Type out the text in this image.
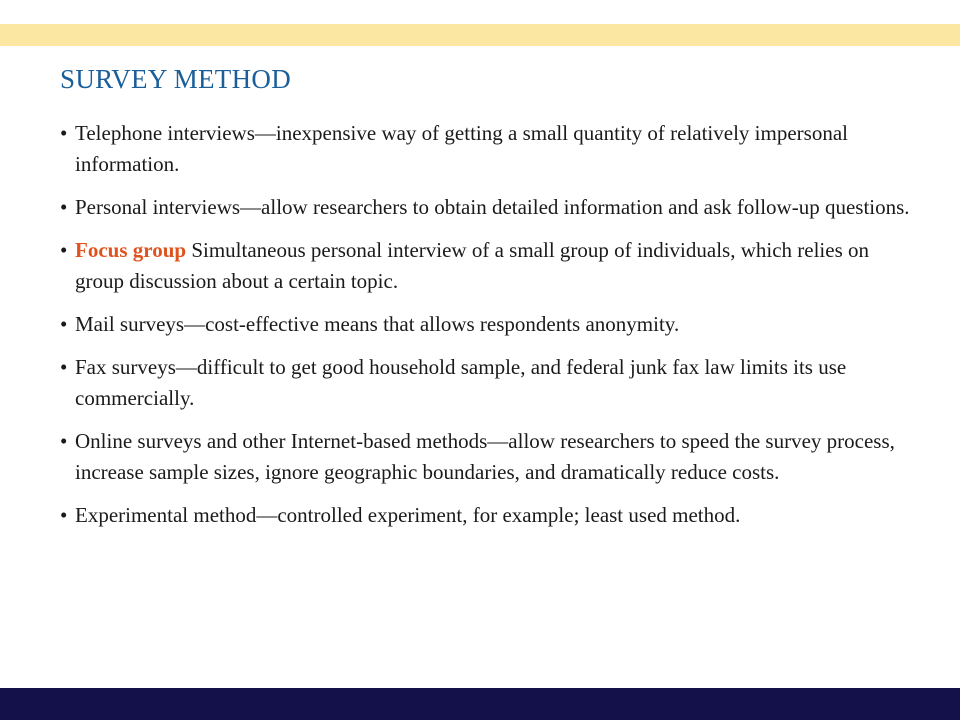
SURVEY METHOD
• Telephone interviews—inexpensive way of getting a small quantity of relatively impersonal information.
• Personal interviews—allow researchers to obtain detailed information and ask follow-up questions.
• Focus group Simultaneous personal interview of a small group of individuals, which relies on group discussion about a certain topic.
• Mail surveys—cost-effective means that allows respondents anonymity.
• Fax surveys—difficult to get good household sample, and federal junk fax law limits its use commercially.
• Online surveys and other Internet-based methods—allow researchers to speed the survey process, increase sample sizes, ignore geographic boundaries, and dramatically reduce costs.
• Experimental method—controlled experiment, for example; least used method.
